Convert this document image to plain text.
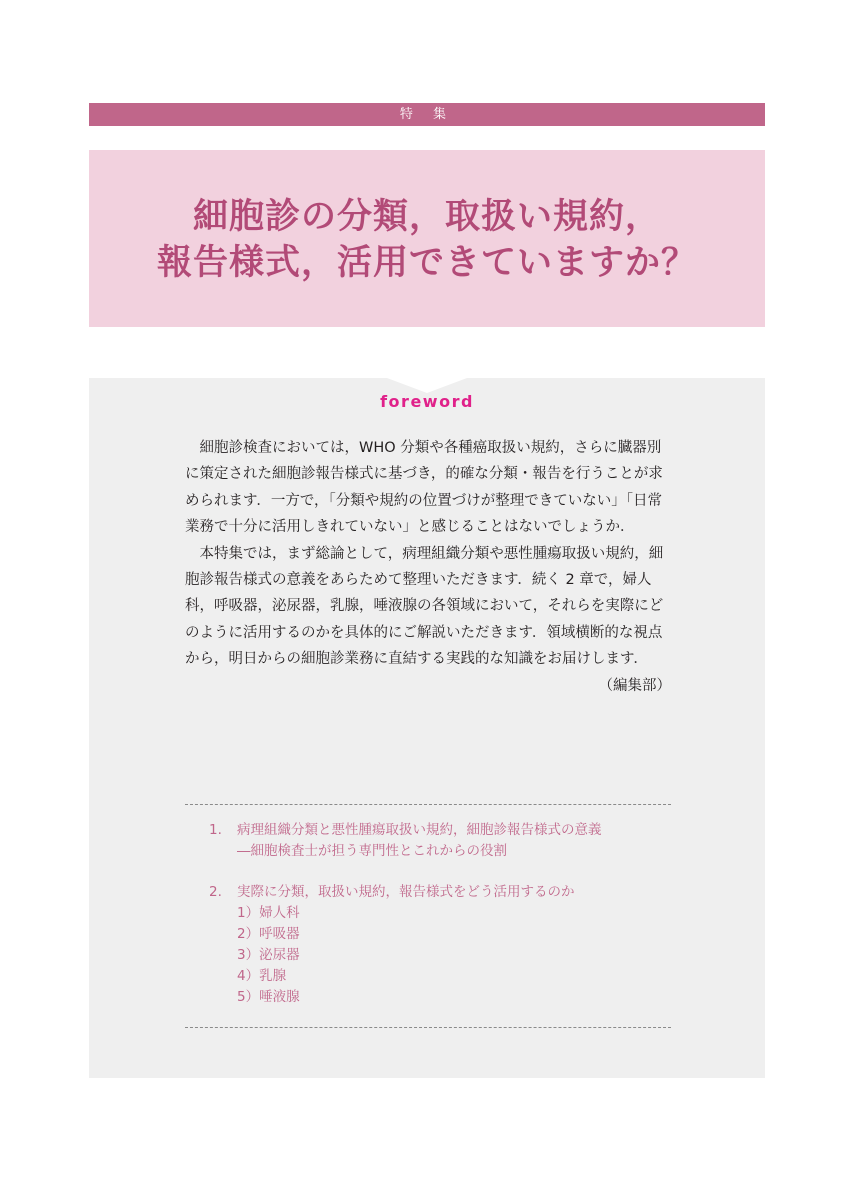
特 集
細胞診の分類，取扱い規約，
報告様式，活用できていますか？
foreword

細胞診検査においては，WHO 分類や各種癌取扱い規約，さらに臓器別に策定された細胞診報告様式に基づき，的確な分類・報告を行うことが求められます．一方で，「分類や規約の位置づけが整理できていない」「日常業務で十分に活用しきれていない」と感じることはないでしょうか．

本特集では，まず総論として，病理組織分類や悪性腫瘍取扱い規約，細胞診報告様式の意義をあらためて整理いただきます．続く 2 章で，婦人科，呼吸器，泌尿器，乳腺，唾液腺の各領域において，それらを実際にどのように活用するのかを具体的にご解説いただきます．領域横断的な視点から，明日からの細胞診業務に直結する実践的な知識をお届けします．

（編集部）
1. 病理組織分類と悪性腫瘍取扱い規約，細胞診報告様式の意義
―細胞検査士が担う専門性とこれからの役割
2. 実際に分類，取扱い規約，報告様式をどう活用するのか
1）婦人科
2）呼吸器
3）泌尿器
4）乳腺
5）唾液腺
